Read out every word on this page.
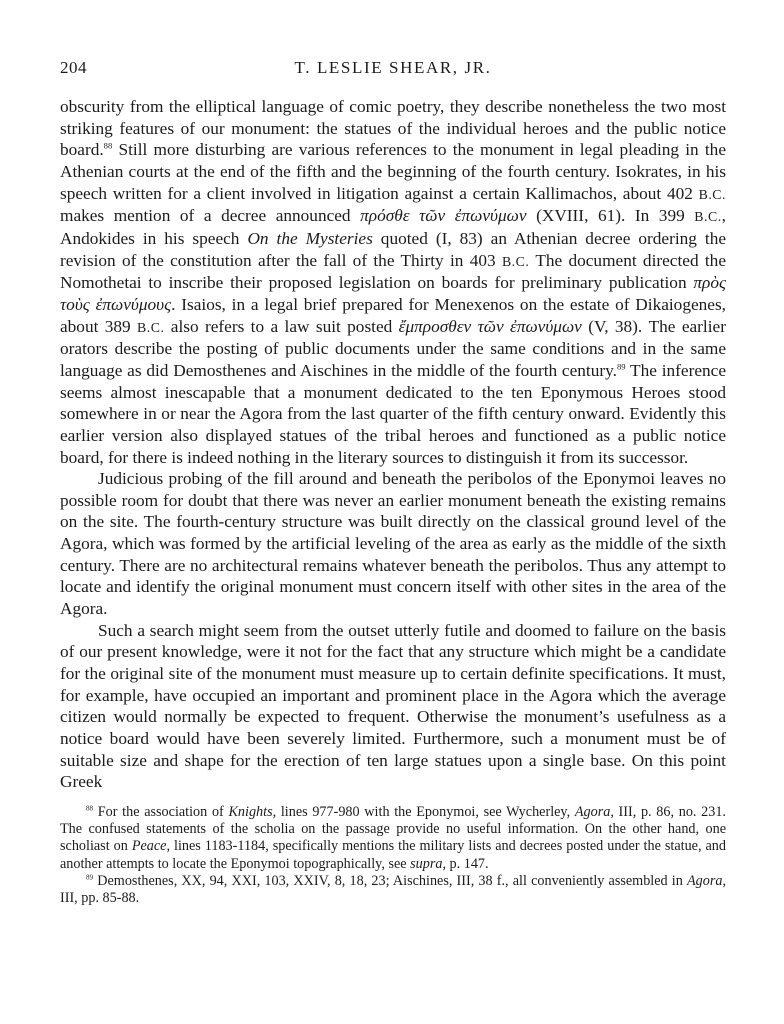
204	T. LESLIE SHEAR, JR.

obscurity from the elliptical language of comic poetry, they describe nonetheless the two most striking features of our monument: the statues of the individual heroes and the public notice board.$^{88}$ Still more disturbing are various references to the monument in legal pleading in the Athenian courts at the end of the fifth and the beginning of the fourth century. Isokrates, in his speech written for a client involved in litigation against a certain Kallimachos, about 402 B.C. makes mention of a decree announced πρόσθε τῶν ἐπωνύμων (XVIII, 61). In 399 B.C., Andokides in his speech On the Mysteries quoted (I, 83) an Athenian decree ordering the revision of the constitution after the fall of the Thirty in 403 B.C. The document directed the Nomothetai to inscribe their proposed legislation on boards for preliminary publication πρὸς τοὺς ἐπωνύμους. Isaios, in a legal brief prepared for Menexenos on the estate of Dikaiogenes, about 389 B.C. also refers to a law suit posted ἔμπροσθεν τῶν ἐπωνύμων (V, 38). The earlier orators describe the posting of public documents under the same conditions and in the same language as did Demosthenes and Aischines in the middle of the fourth century.$^{89}$ The inference seems almost inescapable that a monument dedicated to the ten Eponymous Heroes stood somewhere in or near the Agora from the last quarter of the fifth century onward. Evidently this earlier version also displayed statues of the tribal heroes and functioned as a public notice board, for there is indeed nothing in the literary sources to distinguish it from its successor.

Judicious probing of the fill around and beneath the peribolos of the Eponymoi leaves no possible room for doubt that there was never an earlier monument beneath the existing remains on the site. The fourth-century structure was built directly on the classical ground level of the Agora, which was formed by the artificial leveling of the area as early as the middle of the sixth century. There are no architectural remains whatever beneath the peribolos. Thus any attempt to locate and identify the original monument must concern itself with other sites in the area of the Agora.

Such a search might seem from the outset utterly futile and doomed to failure on the basis of our present knowledge, were it not for the fact that any structure which might be a candidate for the original site of the monument must measure up to certain definite specifications. It must, for example, have occupied an important and prominent place in the Agora which the average citizen would normally be expected to frequent. Otherwise the monument’s usefulness as a notice board would have been severely limited. Furthermore, such a monument must be of suitable size and shape for the erection of ten large statues upon a single base. On this point Greek

$^{88}$ For the association of Knights, lines 977-980 with the Eponymoi, see Wycherley, Agora, III, p. 86, no. 231. The confused statements of the scholia on the passage provide no useful information. On the other hand, one scholiast on Peace, lines 1183-1184, specifically mentions the military lists and decrees posted under the statue, and another attempts to locate the Eponymoi topographically, see supra, p. 147.

$^{89}$ Demosthenes, XX, 94, XXI, 103, XXIV, 8, 18, 23; Aischines, III, 38 f., all conveniently assembled in Agora, III, pp. 85-88.
